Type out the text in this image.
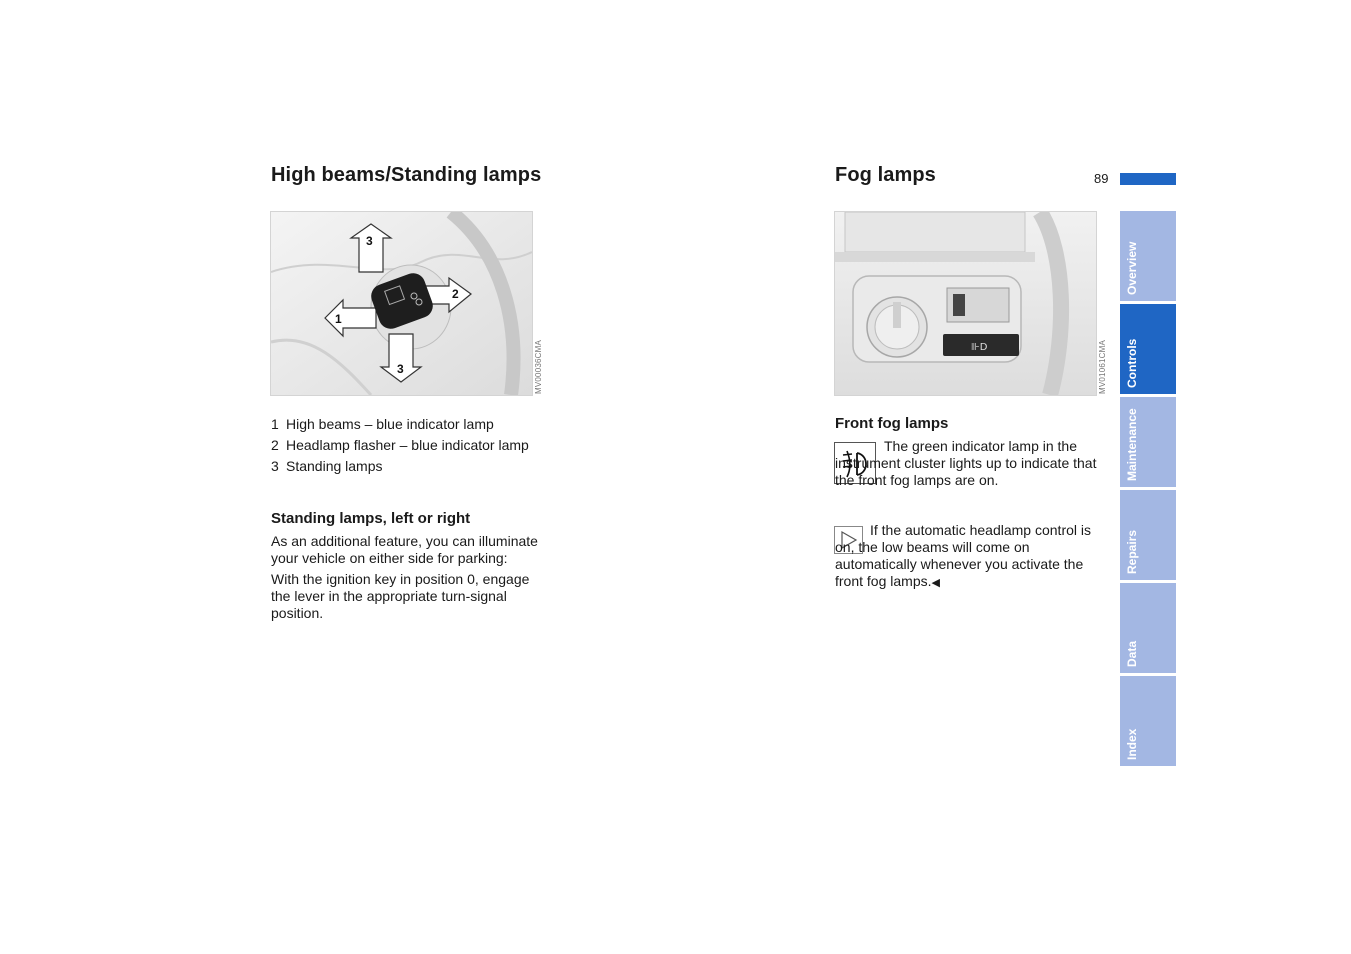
89
High beams/Standing lamps
3
2
1
3	MV00036CMA
1 High beams – blue indicator lamp
2 Headlamp flasher – blue indicator lamp
3 Standing lamps
Standing lamps, left or right

As an additional feature, you can illuminate your vehicle on either side for parking:

With the ignition key in position 0, engage the lever in the appropriate turn-signal position.

Fog lamps
⊪D	MV01061CMA
Front fog lamps
The green indicator lamp in the instrument cluster lights up to indicate that the front fog lamps are on.
If the automatic headlamp control is on, the low beams will come on automatically whenever you activate the front fog lamps.◀
Overview
Controls
Maintenance
Repairs
Data
Index
